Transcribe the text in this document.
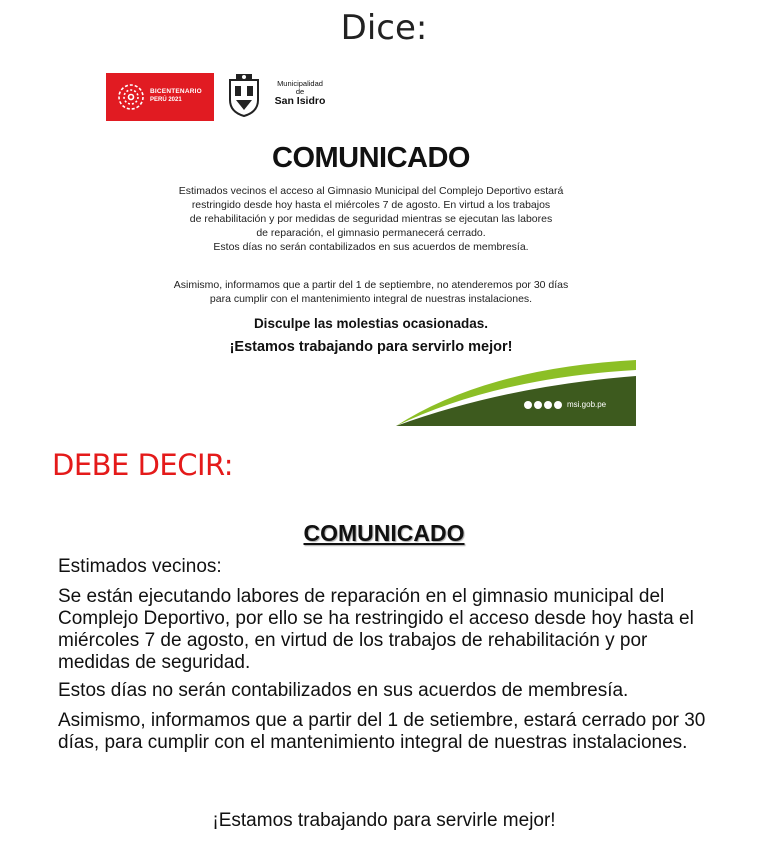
Dice:
BICENTENARIO
PERÚ 2021
Municipalidad
de
San Isidro
COMUNICADO
Estimados vecinos el acceso al Gimnasio Municipal del Complejo Deportivo estará
restringido desde hoy hasta el miércoles 7 de agosto. En virtud a los trabajos
de rehabilitación y por medidas de seguridad mientras se ejecutan las labores
de reparación, el gimnasio permanecerá cerrado.
Estos días no serán contabilizados en sus acuerdos de membresía.
Asimismo, informamos que a partir del 1 de septiembre, no atenderemos por 30 días
para cumplir con el mantenimiento integral de nuestras instalaciones.
Disculpe las molestias ocasionadas.
¡Estamos trabajando para servirlo mejor!
msi.gob.pe
DEBE DECIR:
COMUNICADO

Estimados vecinos:

Se están ejecutando labores de reparación en el gimnasio municipal del Complejo Deportivo, por ello se ha restringido el acceso desde hoy hasta el miércoles 7 de agosto, en virtud de los trabajos de rehabilitación y por medidas de seguridad.

Estos días no serán contabilizados en sus acuerdos de membresía.

Asimismo, informamos que a partir del 1 de setiembre, estará cerrado por 30 días, para cumplir con el mantenimiento integral de nuestras instalaciones.

¡Estamos trabajando para servirle mejor!
